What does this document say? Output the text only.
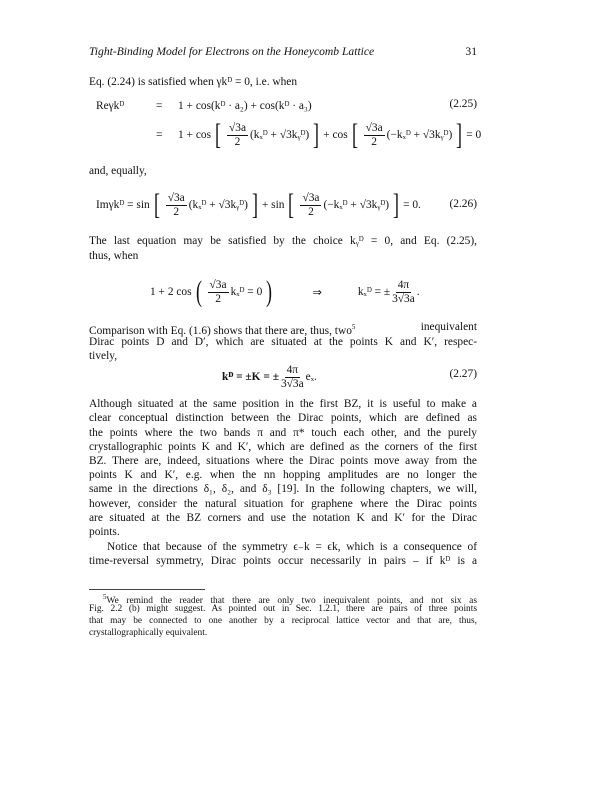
Tight-Binding Model for Electrons on the Honeycomb Lattice	31
Eq. (2.24) is satisfied when γkᴰ = 0, i.e. when
Reγkᴰ	=	1 + cos(kᴰ · a₂) + cos(kᴰ · a₃)	(2.25)
=	1 + cos [ $\frac{√3a}{2}$ (kₓᴰ + √3kᵧᴰ) ] + cos [ $\frac{√3a}{2}$ (−kₓᴰ + √3kᵧᴰ) ] = 0
and, equally,
Imγkᴰ = sin [ $\frac{√3a}{2}$ (kₓᴰ + √3kᵧᴰ) ] + sin [ $\frac{√3a}{2}$ (−kₓᴰ + √3kᵧᴰ) ] = 0.	(2.26)
The last equation may be satisfied by the choice kᵧᴰ = 0, and Eq. (2.25),
thus, when
1 + 2 cos ( $\frac{√3a}{2}$ kₓᴰ = 0 )	⇒	kₓᴰ = ± $\frac{4\pi}{3√3a}$ .
Comparison with Eq. (1.6) shows that there are, thus, two$^5$	inequivalent
Dirac points D and D′, which are situated at the points K and K′, respec-
tively,
kᴰ = ±K = ± $\frac{4\pi}{3√3a} e_x$.	(2.27)
Although situated at the same position in the first BZ, it is useful to make a
clear conceptual distinction between the Dirac points, which are defined as
the points where the two bands π and π* touch each other, and the purely
crystallographic points K and K′, which are defined as the corners of the first
BZ. There are, indeed, situations where the Dirac points move away from the
points K and K′, e.g. when the nn hopping amplitudes are no longer the
same in the directions δ₁, δ₂, and δ₃ [19]. In the following chapters, we will,
however, consider the natural situation for graphene where the Dirac points
are situated at the BZ corners and use the notation K and K′ for the Dirac
points.
Notice that because of the symmetry ϵ₋k = ϵk, which is a consequence of
time-reversal symmetry, Dirac points occur necessarily in pairs – if kᴰ is a
$^5$We remind the reader that there are only two inequivalent points, and not six as
Fig. 2.2 (b) might suggest. As pointed out in Sec. 1.2.1, there are pairs of three points
that may be connected to one another by a reciprocal lattice vector and that are, thus,
crystallographically equivalent.
